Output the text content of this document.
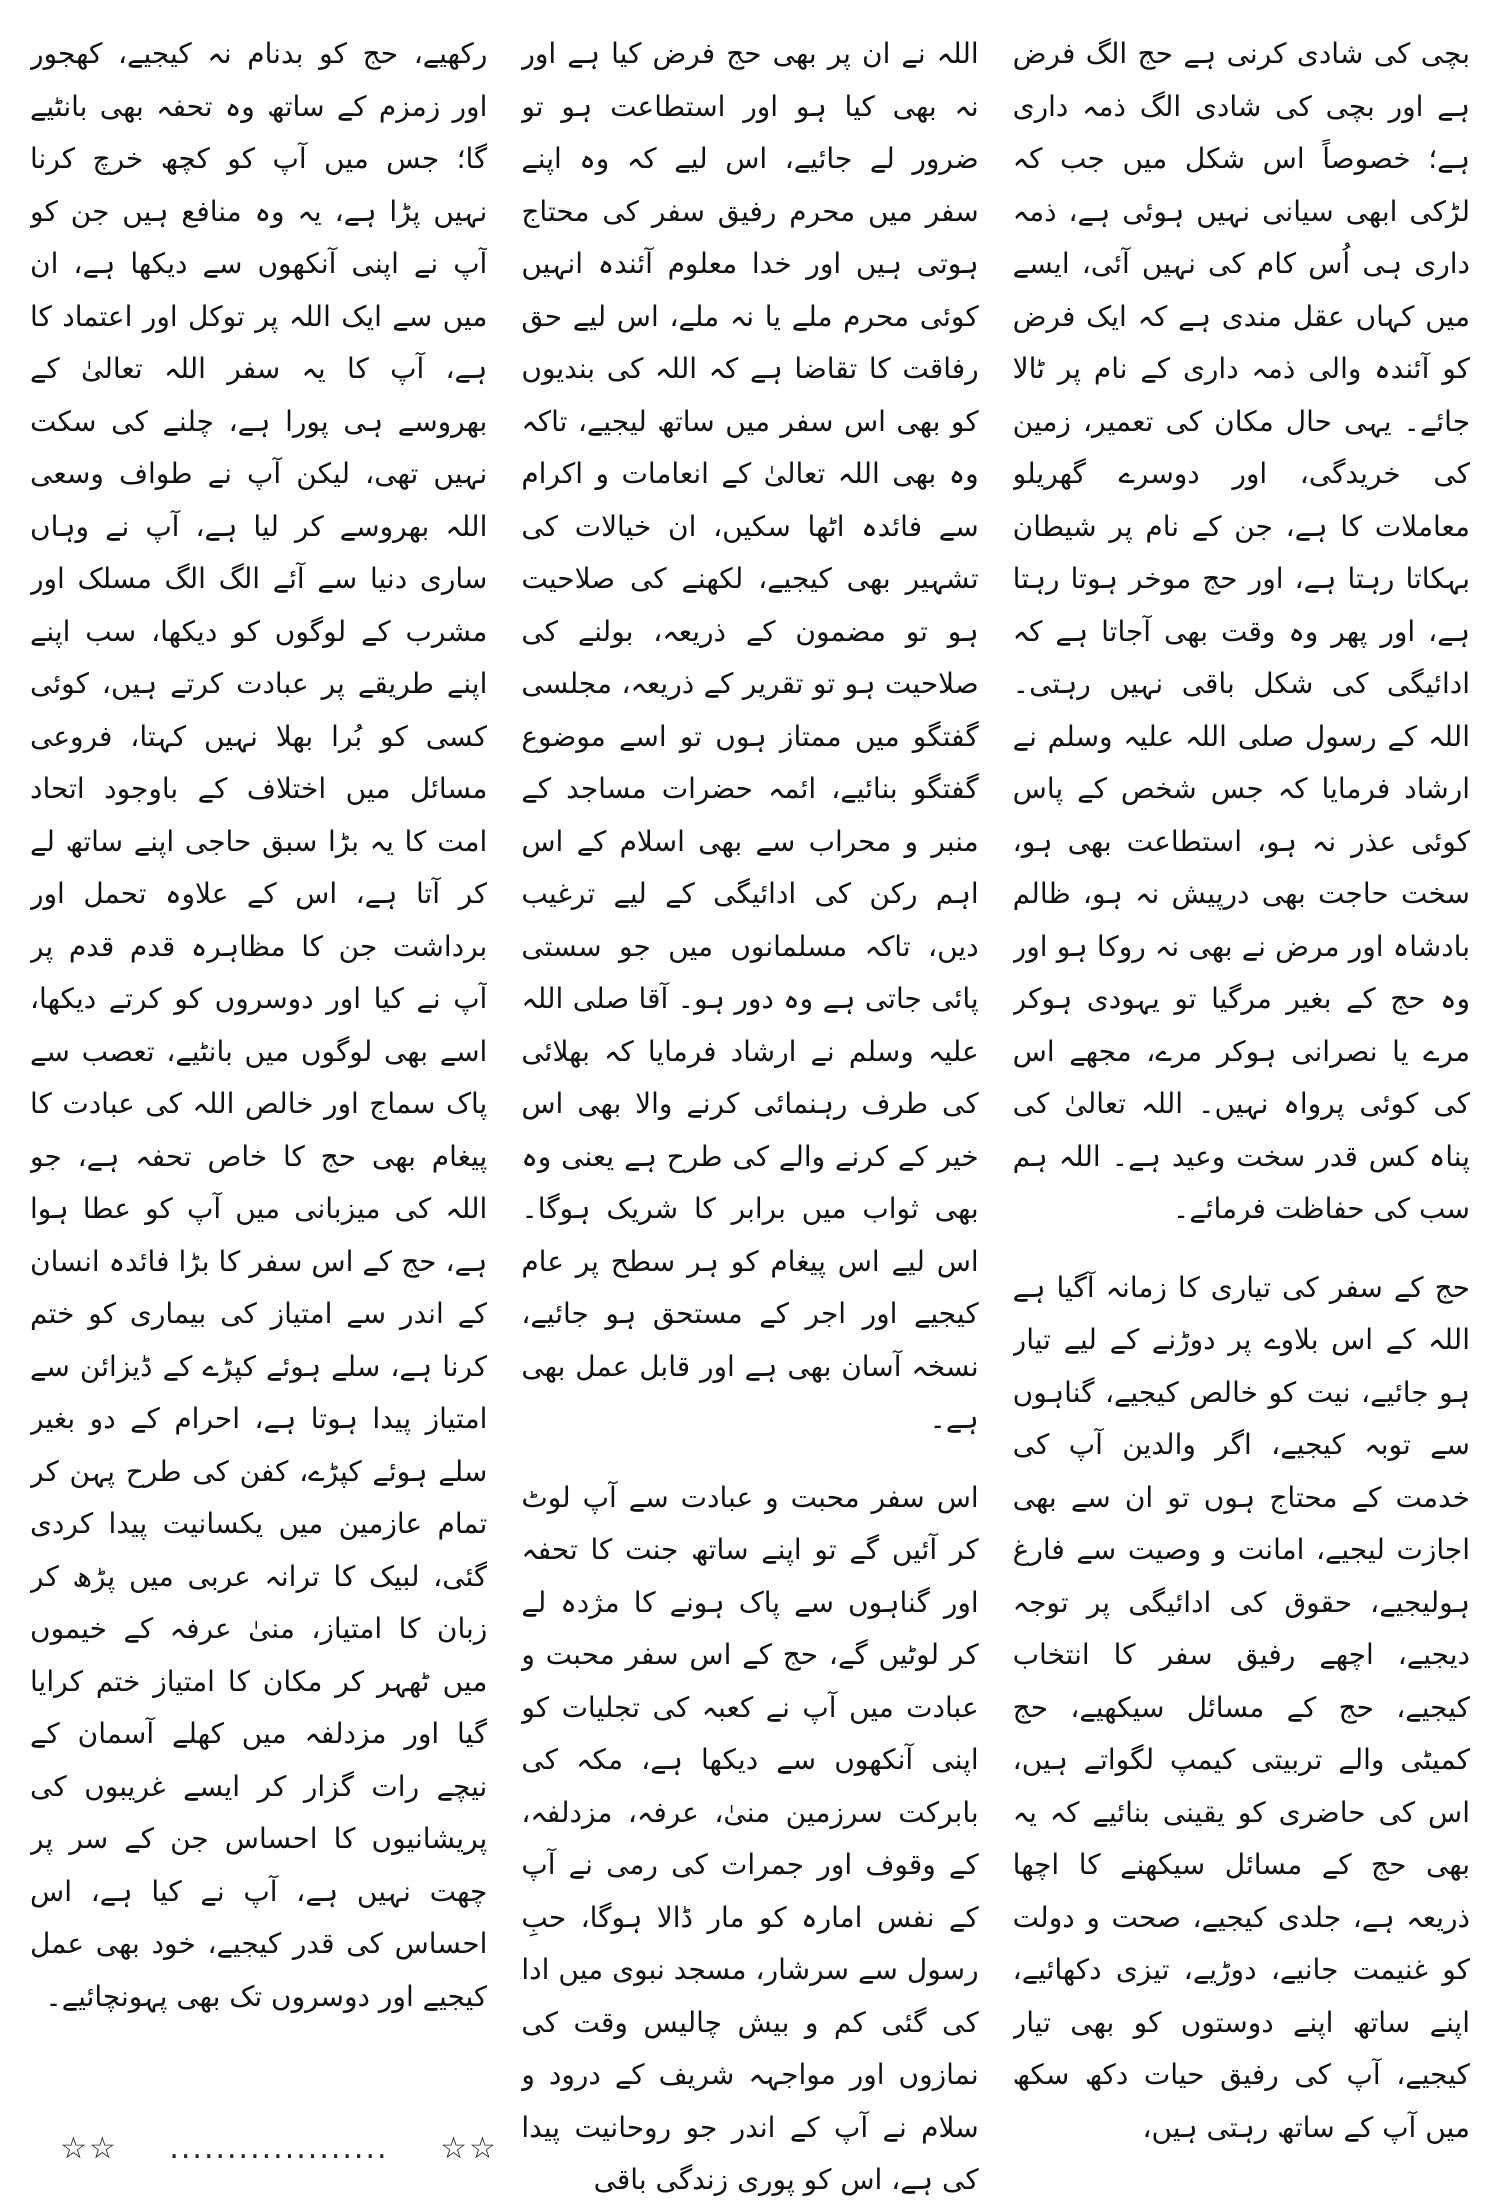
بچی کی شادی کرنی ہے حج الگ فرض ہے اور بچی کی شادی الگ ذمہ داری ہے؛ خصوصاً اس شکل میں جب کہ لڑکی ابھی سیانی نہیں ہوئی ہے، ذمہ داری ہی اُس کام کی نہیں آئی، ایسے میں کہاں عقل مندی ہے کہ ایک فرض کو آئندہ والی ذمہ داری کے نام پر ٹالا جائے۔ یہی حال مکان کی تعمیر، زمین کی خریدگی، اور دوسرے گھریلو معاملات کا ہے، جن کے نام پر شیطان بہکاتا رہتا ہے، اور حج موخر ہوتا رہتا ہے، اور پھر وہ وقت بھی آجاتا ہے کہ ادائیگی کی شکل باقی نہیں رہتی۔ اللہ کے رسول صلی اللہ علیہ وسلم نے ارشاد فرمایا کہ جس شخص کے پاس کوئی عذر نہ ہو، استطاعت بھی ہو، سخت حاجت بھی درپیش نہ ہو، ظالم بادشاہ اور مرض نے بھی نہ روکا ہو اور وہ حج کے بغیر مرگیا تو یہودی ہوکر مرے یا نصرانی ہوکر مرے، مجھے اس کی کوئی پرواہ نہیں۔ اللہ تعالیٰ کی پناہ کس قدر سخت وعید ہے۔ اللہ ہم سب کی حفاظت فرمائے۔

حج کے سفر کی تیاری کا زمانہ آگیا ہے اللہ کے اس بلاوے پر دوڑنے کے لیے تیار ہو جائیے، نیت کو خالص کیجیے، گناہوں سے توبہ کیجیے، اگر والدین آپ کی خدمت کے محتاج ہوں تو ان سے بھی اجازت لیجیے، امانت و وصیت سے فارغ ہولیجیے، حقوق کی ادائیگی پر توجہ دیجیے، اچھے رفیق سفر کا انتخاب کیجیے، حج کے مسائل سیکھیے، حج کمیٹی والے تربیتی کیمپ لگواتے ہیں، اس کی حاضری کو یقینی بنائیے کہ یہ بھی حج کے مسائل سیکھنے کا اچھا ذریعہ ہے، جلدی کیجیے، صحت و دولت کو غنیمت جانیے، دوڑیے، تیزی دکھائیے، اپنے ساتھ اپنے دوستوں کو بھی تیار کیجیے، آپ کی رفیق حیات دکھ سکھ میں آپ کے ساتھ رہتی ہیں،

اللہ نے ان پر بھی حج فرض کیا ہے اور نہ بھی کیا ہو اور استطاعت ہو تو ضرور لے جائیے، اس لیے کہ وہ اپنے سفر میں محرم رفیق سفر کی محتاج ہوتی ہیں اور خدا معلوم آئندہ انہیں کوئی محرم ملے یا نہ ملے، اس لیے حق رفاقت کا تقاضا ہے کہ اللہ کی بندیوں کو بھی اس سفر میں ساتھ لیجیے، تاکہ وہ بھی اللہ تعالیٰ کے انعامات و اکرام سے فائدہ اٹھا سکیں، ان خیالات کی تشہیر بھی کیجیے، لکھنے کی صلاحیت ہو تو مضمون کے ذریعہ، بولنے کی صلاحیت ہو تو تقریر کے ذریعہ، مجلسی گفتگو میں ممتاز ہوں تو اسے موضوع گفتگو بنائیے، ائمہ حضرات مساجد کے منبر و محراب سے بھی اسلام کے اس اہم رکن کی ادائیگی کے لیے ترغیب دیں، تاکہ مسلمانوں میں جو سستی پائی جاتی ہے وہ دور ہو۔ آقا صلی اللہ علیہ وسلم نے ارشاد فرمایا کہ بھلائی کی طرف رہنمائی کرنے والا بھی اس خیر کے کرنے والے کی طرح ہے یعنی وہ بھی ثواب میں برابر کا شریک ہوگا۔ اس لیے اس پیغام کو ہر سطح پر عام کیجیے اور اجر کے مستحق ہو جائیے، نسخہ آسان بھی ہے اور قابل عمل بھی ہے۔

اس سفر محبت و عبادت سے آپ لوٹ کر آئیں گے تو اپنے ساتھ جنت کا تحفہ اور گناہوں سے پاک ہونے کا مژدہ لے کر لوٹیں گے، حج کے اس سفر محبت و عبادت میں آپ نے کعبہ کی تجلیات کو اپنی آنکھوں سے دیکھا ہے، مکہ کی بابرکت سرزمین منیٰ، عرفہ، مزدلفہ، کے وقوف اور جمرات کی رمی نے آپ کے نفس امارہ کو مار ڈالا ہوگا، حبِ رسول سے سرشار، مسجد نبوی میں ادا کی گئی کم و بیش چالیس وقت کی نمازوں اور مواجہہ شریف کے درود و سلام نے آپ کے اندر جو روحانیت پیدا کی ہے، اس کو پوری زندگی باقی

رکھیے، حج کو بدنام نہ کیجیے، کھجور اور زمزم کے ساتھ وہ تحفہ بھی بانٹیے گا؛ جس میں آپ کو کچھ خرچ کرنا نہیں پڑا ہے، یہ وہ منافع ہیں جن کو آپ نے اپنی آنکھوں سے دیکھا ہے، ان میں سے ایک اللہ پر توکل اور اعتماد کا ہے، آپ کا یہ سفر اللہ تعالیٰ کے بھروسے ہی پورا ہے، چلنے کی سکت نہیں تھی، لیکن آپ نے طواف وسعی اللہ بھروسے کر لیا ہے، آپ نے وہاں ساری دنیا سے آئے الگ الگ مسلک اور مشرب کے لوگوں کو دیکھا، سب اپنے اپنے طریقے پر عبادت کرتے ہیں، کوئی کسی کو بُرا بھلا نہیں کہتا، فروعی مسائل میں اختلاف کے باوجود اتحاد امت کا یہ بڑا سبق حاجی اپنے ساتھ لے کر آتا ہے، اس کے علاوہ تحمل اور برداشت جن کا مظاہرہ قدم قدم پر آپ نے کیا اور دوسروں کو کرتے دیکھا، اسے بھی لوگوں میں بانٹیے، تعصب سے پاک سماج اور خالص اللہ کی عبادت کا پیغام بھی حج کا خاص تحفہ ہے، جو اللہ کی میزبانی میں آپ کو عطا ہوا ہے، حج کے اس سفر کا بڑا فائدہ انسان کے اندر سے امتیاز کی بیماری کو ختم کرنا ہے، سلے ہوئے کپڑے کے ڈیزائن سے امتیاز پیدا ہوتا ہے، احرام کے دو بغیر سلے ہوئے کپڑے، کفن کی طرح پہن کر تمام عازمین میں یکسانیت پیدا کردی گئی، لبیک کا ترانہ عربی میں پڑھ کر زبان کا امتیاز، منیٰ عرفہ کے خیموں میں ٹھہر کر مکان کا امتیاز ختم کرایا گیا اور مزدلفہ میں کھلے آسمان کے نیچے رات گزار کر ایسے غریبوں کی پریشانیوں کا احساس جن کے سر پر چھت نہیں ہے، آپ نے کیا ہے، اس احساس کی قدر کیجیے، خود بھی عمل کیجیے اور دوسروں تک بھی پہونچائیے۔

☆☆ ................... ☆☆
